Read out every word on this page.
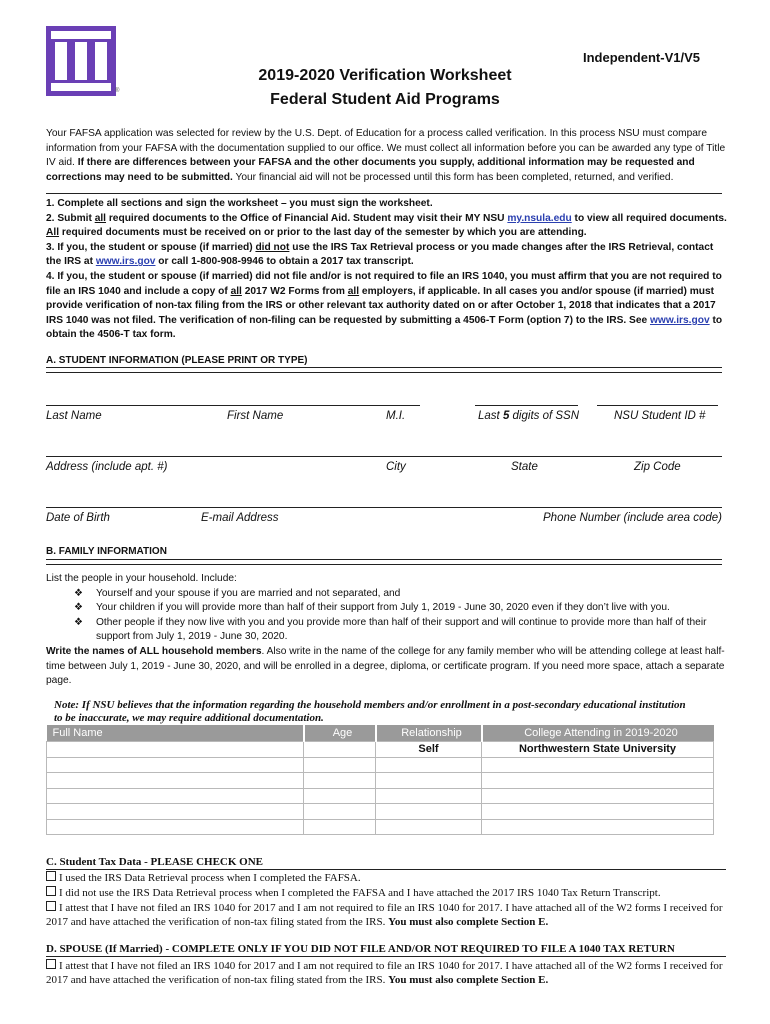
®
Independent-V1/V5
2019-2020 Verification Worksheet
Federal Student Aid Programs
Your FAFSA application was selected for review by the U.S. Dept. of Education for a process called verification. In this process NSU must compare information from your FAFSA with the documentation supplied to our office. We must collect all information before you can be awarded any type of Title IV aid. If there are differences between your FAFSA and the other documents you supply, additional information may be requested and corrections may need to be submitted. Your financial aid will not be processed until this form has been completed, returned, and verified.

1. Complete all sections and sign the worksheet – you must sign the worksheet.

2. Submit all required documents to the Office of Financial Aid. Student may visit their MY NSU my.nsula.edu to view all required documents. All required documents must be received on or prior to the last day of the semester by which you are attending.

3. If you, the student or spouse (if married) did not use the IRS Tax Retrieval process or you made changes after the IRS Retrieval, contact the IRS at www.irs.gov or call 1-800-908-9946 to obtain a 2017 tax transcript.

4. If you, the student or spouse (if married) did not file and/or is not required to file an IRS 1040, you must affirm that you are not required to file an IRS 1040 and include a copy of all 2017 W2 Forms from all employers, if applicable. In all cases you and/or spouse (if married) must provide verification of non-tax filing from the IRS or other relevant tax authority dated on or after October 1, 2018 that indicates that a 2017 IRS 1040 was not filed. The verification of non-filing can be requested by submitting a 4506-T Form (option 7) to the IRS. See www.irs.gov to obtain the 4506-T tax form.

A. STUDENT INFORMATION (PLEASE PRINT OR TYPE)
Last Name	First Name	M.I.	Last 5 digits of SSN	NSU Student ID #
Address (include apt. #)	City	State	Zip Code
Date of Birth	E-mail Address	Phone Number (include area code)
B. FAMILY INFORMATION
List the people in your household. Include:
❖ Yourself and your spouse if you are married and not separated, and
❖ Your children if you will provide more than half of their support from July 1, 2019 - June 30, 2020 even if they don’t live with you.
❖ Other people if they now live with you and you provide more than half of their support and will continue to provide more than half of their support from July 1, 2019 - June 30, 2020.
Write the names of ALL household members. Also write in the name of the college for any family member who will be attending college at least half-time between July 1, 2019 - June 30, 2020, and will be enrolled in a degree, diploma, or certificate program. If you need more space, attach a separate page.
Note: If NSU believes that the information regarding the household members and/or enrollment in a post-secondary educational institution to be inaccurate, we may require additional documentation.
Full Name	Age	Relationship	College Attending in 2019-2020
		Self	Northwestern State University

C. Student Tax Data - PLEASE CHECK ONE
I used the IRS Data Retrieval process when I completed the FAFSA.
I did not use the IRS Data Retrieval process when I completed the FAFSA and I have attached the 2017 IRS 1040 Tax Return Transcript.
I attest that I have not filed an IRS 1040 for 2017 and I am not required to file an IRS 1040 for 2017. I have attached all of the W2 forms I received for 2017 and have attached the verification of non-tax filing stated from the IRS. You must also complete Section E.
D. SPOUSE (If Married) - COMPLETE ONLY IF YOU DID NOT FILE AND/OR NOT REQUIRED TO FILE A 1040 TAX RETURN
I attest that I have not filed an IRS 1040 for 2017 and I am not required to file an IRS 1040 for 2017. I have attached all of the W2 forms I received for 2017 and have attached the verification of non-tax filing stated from the IRS. You must also complete Section E.
